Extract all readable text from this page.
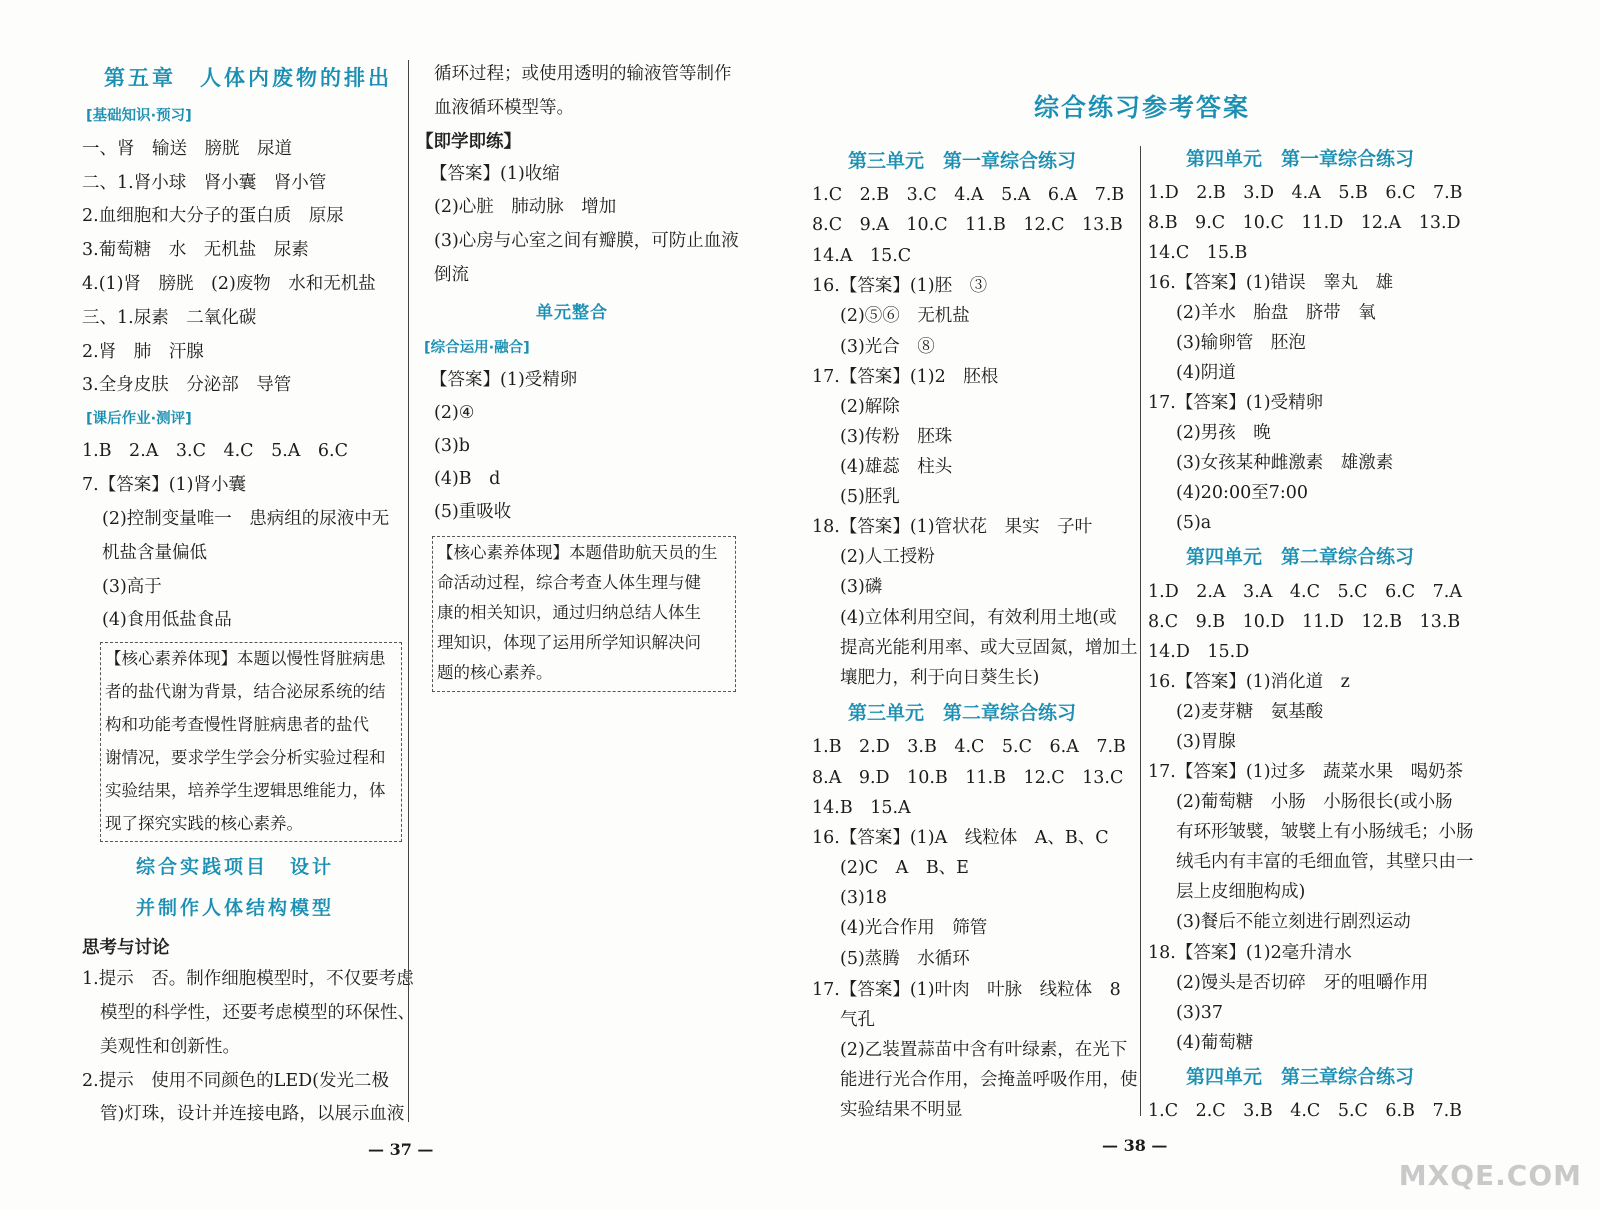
第五章　人体内废物的排出
[基础知识·预习]
一、肾　输送　膀胱　尿道
二、1.肾小球　肾小囊　肾小管
2.血细胞和大分子的蛋白质　原尿
3.葡萄糖　水　无机盐　尿素
4.(1)肾　膀胱　(2)废物　水和无机盐
三、1.尿素　二氧化碳
2.肾　肺　汗腺
3.全身皮肤　分泌部　导管
[课后作业·测评]
1.B　2.A　3.C　4.C　5.A　6.C
7.【答案】(1)肾小囊
(2)控制变量唯一　患病组的尿液中无
机盐含量偏低
(3)高于
(4)食用低盐食品
【核心素养体现】本题以慢性肾脏病患
者的盐代谢为背景，结合泌尿系统的结
构和功能考查慢性肾脏病患者的盐代
谢情况，要求学生学会分析实验过程和
实验结果，培养学生逻辑思维能力，体
现了探究实践的核心素养。
综合实践项目　设计
并制作人体结构模型
思考与讨论
1.提示　否。制作细胞模型时，不仅要考虑
模型的科学性，还要考虑模型的环保性、
美观性和创新性。
2.提示　使用不同颜色的LED(发光二极
管)灯珠，设计并连接电路，以展示血液
循环过程；或使用透明的输液管等制作
血液循环模型等。
【即学即练】
【答案】(1)收缩
(2)心脏　肺动脉　增加
(3)心房与心室之间有瓣膜，可防止血液
倒流
单元整合
[综合运用·融合]
【答案】(1)受精卵
(2)④
(3)b
(4)B　d
(5)重吸收
【核心素养体现】本题借助航天员的生
命活动过程，综合考查人体生理与健
康的相关知识，通过归纳总结人体生
理知识，体现了运用所学知识解决问
题的核心素养。
— 37 —
综合练习参考答案
第三单元　第一章综合练习
1.C　2.B　3.C　4.A　5.A　6.A　7.B
8.C　9.A　10.C　11.B　12.C　13.B
14.A　15.C
16.【答案】(1)胚　③
(2)⑤⑥　无机盐
(3)光合　⑧
17.【答案】(1)2　胚根
(2)解除
(3)传粉　胚珠
(4)雄蕊　柱头
(5)胚乳
18.【答案】(1)管状花　果实　子叶
(2)人工授粉
(3)磷
(4)立体利用空间，有效利用土地(或
提高光能利用率、或大豆固氮，增加土
壤肥力，利于向日葵生长)
第三单元　第二章综合练习
1.B　2.D　3.B　4.C　5.C　6.A　7.B
8.A　9.D　10.B　11.B　12.C　13.C
14.B　15.A
16.【答案】(1)A　线粒体　A、B、C
(2)C　A　B、E
(3)18
(4)光合作用　筛管
(5)蒸腾　水循环
17.【答案】(1)叶肉　叶脉　线粒体　8
气孔
(2)乙装置蒜苗中含有叶绿素，在光下
能进行光合作用，会掩盖呼吸作用，使
实验结果不明显
第四单元　第一章综合练习
1.D　2.B　3.D　4.A　5.B　6.C　7.B
8.B　9.C　10.C　11.D　12.A　13.D
14.C　15.B
16.【答案】(1)错误　睾丸　雄
(2)羊水　胎盘　脐带　氧
(3)输卵管　胚泡
(4)阴道
17.【答案】(1)受精卵
(2)男孩　晚
(3)女孩某种雌激素　雄激素
(4)20:00至7:00
(5)a
第四单元　第二章综合练习
1.D　2.A　3.A　4.C　5.C　6.C　7.A
8.C　9.B　10.D　11.D　12.B　13.B
14.D　15.D
16.【答案】(1)消化道　z
(2)麦芽糖　氨基酸
(3)胃腺
17.【答案】(1)过多　蔬菜水果　喝奶茶
(2)葡萄糖　小肠　小肠很长(或小肠
有环形皱襞，皱襞上有小肠绒毛；小肠
绒毛内有丰富的毛细血管，其壁只由一
层上皮细胞构成)
(3)餐后不能立刻进行剧烈运动
18.【答案】(1)2毫升清水
(2)馒头是否切碎　牙的咀嚼作用
(3)37
(4)葡萄糖
第四单元　第三章综合练习
1.C　2.C　3.B　4.C　5.C　6.B　7.B
— 38 —
MXQE.COM
